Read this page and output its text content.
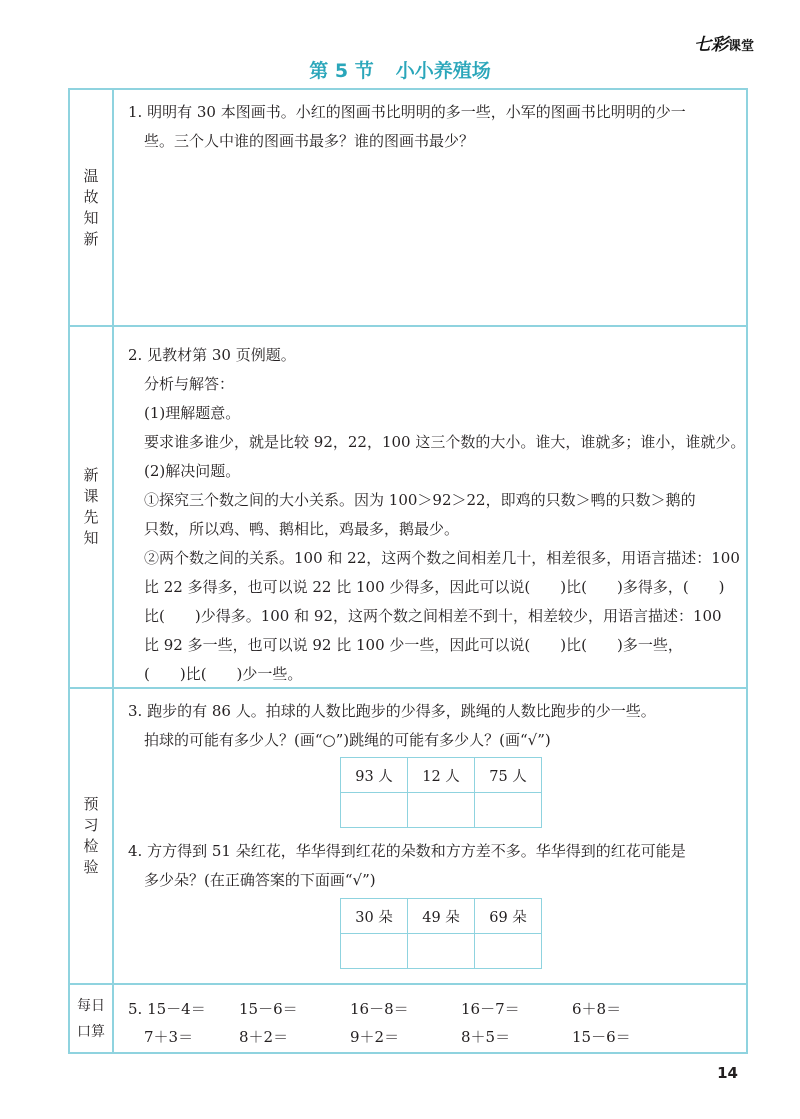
七彩课堂
第 5 节 小小养殖场
温故知新

1. 明明有 30 本图画书。小红的图画书比明明的多一些，小军的图画书比明明的少一

些。三个人中谁的图画书最多？谁的图画书最少？

新课先知

2. 见教材第 30 页例题。

分析与解答：

(1)理解题意。

要求谁多谁少，就是比较 92，22，100 这三个数的大小。谁大，谁就多；谁小，谁就少。

(2)解决问题。

①探究三个数之间的大小关系。因为 100＞92＞22，即鸡的只数＞鸭的只数＞鹅的

只数，所以鸡、鸭、鹅相比，鸡最多，鹅最少。

②两个数之间的关系。100 和 22，这两个数之间相差几十，相差很多，用语言描述：100

比 22 多得多，也可以说 22 比 100 少得多，因此可以说(　　)比(　　)多得多，(　　)

比(　　)少得多。100 和 92，这两个数之间相差不到十，相差较少，用语言描述：100

比 92 多一些，也可以说 92 比 100 少一些，因此可以说(　　)比(　　)多一些，

(　　)比(　　)少一些。

预习检验

3. 跑步的有 86 人。拍球的人数比跑步的少得多，跳绳的人数比跑步的少一些。

拍球的可能有多少人？(画“○”)跳绳的可能有多少人？(画“√”)

93 人	12 人	75 人

4. 方方得到 51 朵红花，华华得到红花的朵数和方方差不多。华华得到的红花可能是

多少朵？(在正确答案的下面画“√”)

30 朵	49 朵	69 朵

每日
口算
5. 15－4＝ 15－6＝	16－8＝	16－7＝	6＋8＝
7＋3＝	8＋2＝	9＋2＝	8＋5＝	15－6＝
14
